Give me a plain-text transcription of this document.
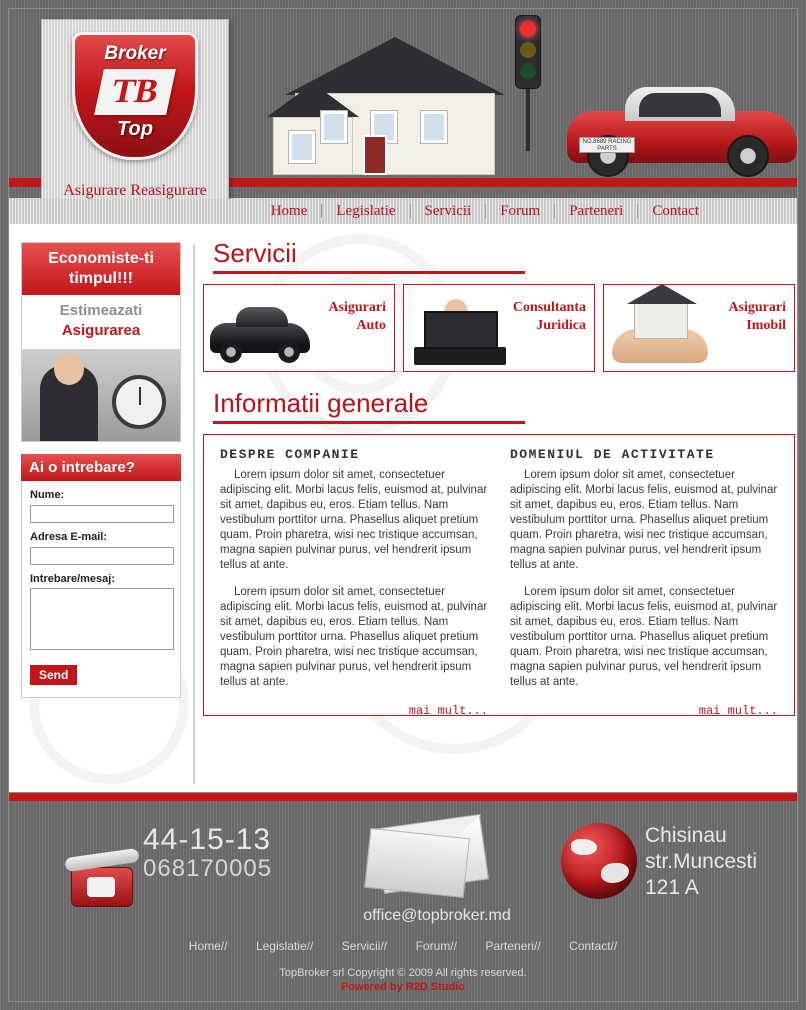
NO.8689 RACING PARTS
Broker
TB
Top
Asigurare Reasigurare
Home	Legislatie	Servicii	Forum	Parteneri	Contact
Economiste-ti
timpul!!!
Estimeazati
Asigurarea
Ai o intrebare?
Nume:
Adresa E-mail:
Intrebare/mesaj:
Send
Servicii
Asigurari
Auto
Consultanta
Juridica
Asigurari
Imobil
Informatii generale
DESPRE COMPANIE

Lorem ipsum dolor sit amet, consectetuer adipiscing elit. Morbi lacus felis, euismod at, pulvinar sit amet, dapibus eu, eros. Etiam tellus. Nam vestibulum porttitor urna. Phasellus aliquet pretium quam. Proin pharetra, wisi nec tristique accumsan, magna sapien pulvinar purus, vel hendrerit ipsum tellus at ante.

Lorem ipsum dolor sit amet, consectetuer adipiscing elit. Morbi lacus felis, euismod at, pulvinar sit amet, dapibus eu, eros. Etiam tellus. Nam vestibulum porttitor urna. Phasellus aliquet pretium quam. Proin pharetra, wisi nec tristique accumsan, magna sapien pulvinar purus, vel hendrerit ipsum tellus at ante.

mai mult...
DOMENIUL DE ACTIVITATE

Lorem ipsum dolor sit amet, consectetuer adipiscing elit. Morbi lacus felis, euismod at, pulvinar sit amet, dapibus eu, eros. Etiam tellus. Nam vestibulum porttitor urna. Phasellus aliquet pretium quam. Proin pharetra, wisi nec tristique accumsan, magna sapien pulvinar purus, vel hendrerit ipsum tellus at ante.

Lorem ipsum dolor sit amet, consectetuer adipiscing elit. Morbi lacus felis, euismod at, pulvinar sit amet, dapibus eu, eros. Etiam tellus. Nam vestibulum porttitor urna. Phasellus aliquet pretium quam. Proin pharetra, wisi nec tristique accumsan, magna sapien pulvinar purus, vel hendrerit ipsum tellus at ante.

mai mult...
44-15-13
068170005
office@topbroker.md
Chisinau
str.Muncesti
121 A
Home// Legislatie// Servicii// Forum// Parteneri// Contact//
TopBroker srl Copyright © 2009 All rights reserved.
Powered by R2D Studio
